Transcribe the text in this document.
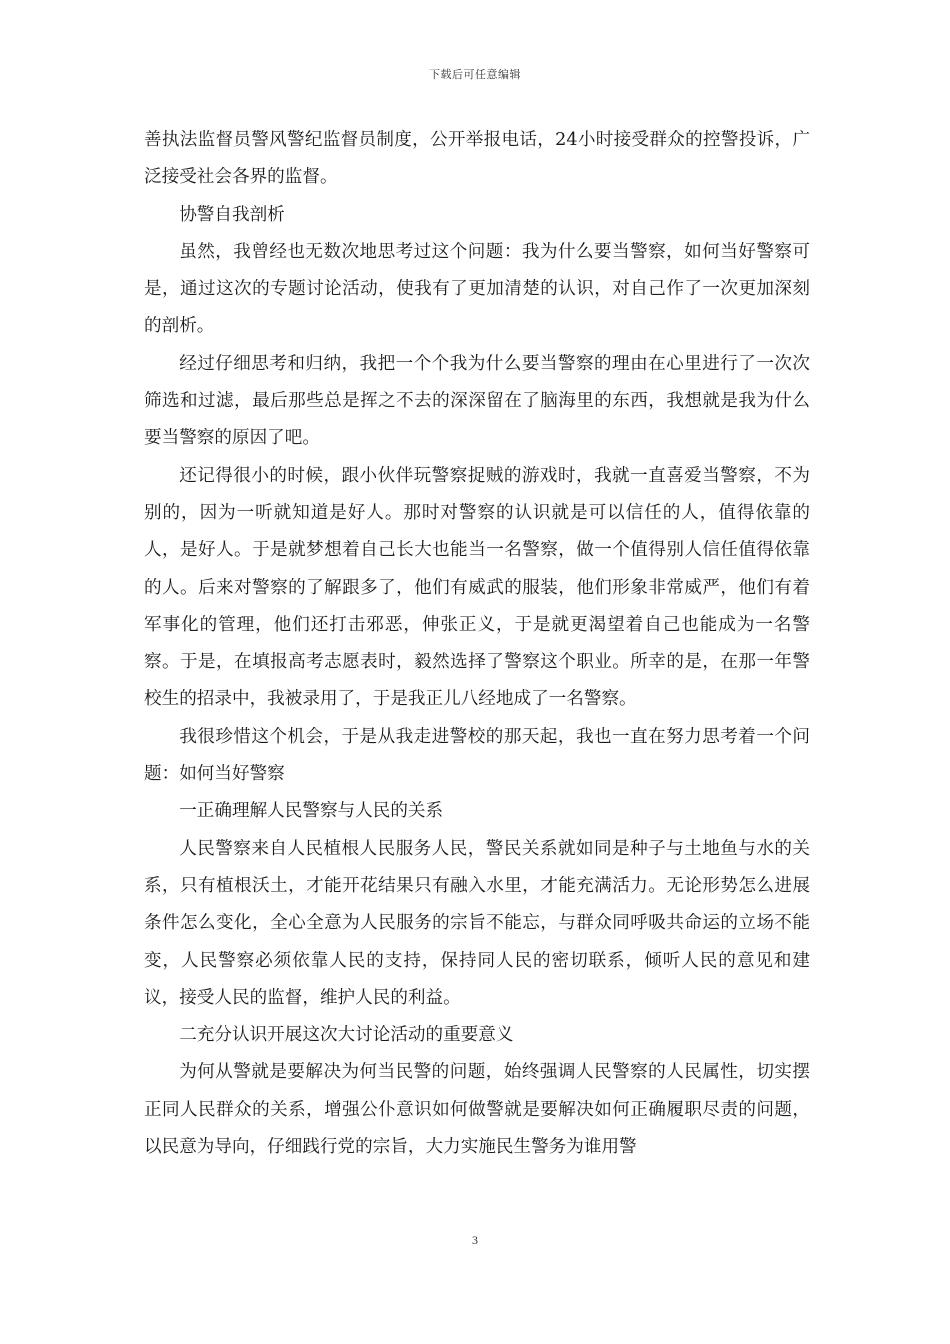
下载后可任意编辑

善执法监督员警风警纪监督员制度，公开举报电话，24小时接受群众的控警投诉，广泛接受社会各界的监督。

协警自我剖析

虽然，我曾经也无数次地思考过这个问题：我为什么要当警察，如何当好警察可是，通过这次的专题讨论活动，使我有了更加清楚的认识，对自己作了一次更加深刻的剖析。

经过仔细思考和归纳，我把一个个我为什么要当警察的理由在心里进行了一次次筛选和过滤，最后那些总是挥之不去的深深留在了脑海里的东西，我想就是我为什么要当警察的原因了吧。

还记得很小的时候，跟小伙伴玩警察捉贼的游戏时，我就一直喜爱当警察，不为别的，因为一听就知道是好人。那时对警察的认识就是可以信任的人，值得依靠的人，是好人。于是就梦想着自己长大也能当一名警察，做一个值得别人信任值得依靠的人。后来对警察的了解跟多了，他们有威武的服装，他们形象非常威严，他们有着军事化的管理，他们还打击邪恶，伸张正义，于是就更渴望着自己也能成为一名警察。于是，在填报高考志愿表时，毅然选择了警察这个职业。所幸的是，在那一年警校生的招录中，我被录用了，于是我正儿八经地成了一名警察。

我很珍惜这个机会，于是从我走进警校的那天起，我也一直在努力思考着一个问题：如何当好警察

一正确理解人民警察与人民的关系

人民警察来自人民植根人民服务人民，警民关系就如同是种子与土地鱼与水的关系，只有植根沃土，才能开花结果只有融入水里，才能充满活力。无论形势怎么进展条件怎么变化，全心全意为人民服务的宗旨不能忘，与群众同呼吸共命运的立场不能变，人民警察必须依靠人民的支持，保持同人民的密切联系，倾听人民的意见和建议，接受人民的监督，维护人民的利益。

二充分认识开展这次大讨论活动的重要意义

为何从警就是要解决为何当民警的问题，始终强调人民警察的人民属性，切实摆正同人民群众的关系，增强公仆意识如何做警就是要解决如何正确履职尽责的问题，以民意为导向，仔细践行党的宗旨，大力实施民生警务为谁用警

3
